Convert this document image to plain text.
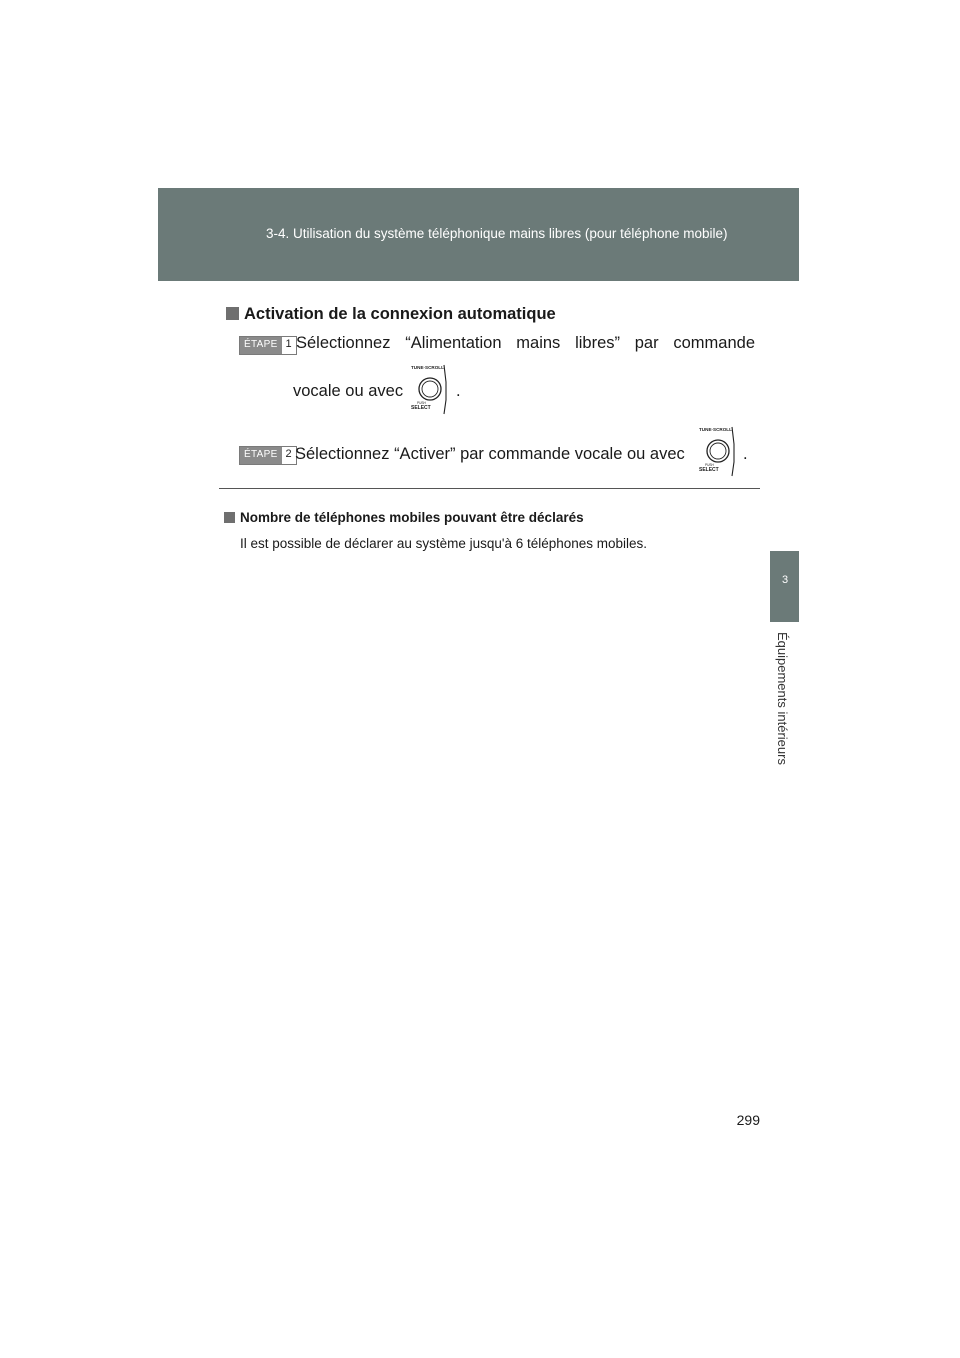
3-4. Utilisation du système téléphonique mains libres (pour téléphone mobile)
3
Équipements intérieurs
Activation de la connexion automatique
ÉTAPE 1 Sélectionnez “Alimentation mains libres” par commande
vocale ou avec
TUNE·SCROLL
PUSH
SELECT
.
ÉTAPE 2 Sélectionnez “Activer” par commande vocale ou avec
TUNE·SCROLL
PUSH
SELECT
.
Nombre de téléphones mobiles pouvant être déclarés
Il est possible de déclarer au système jusqu'à 6 téléphones mobiles.
299
